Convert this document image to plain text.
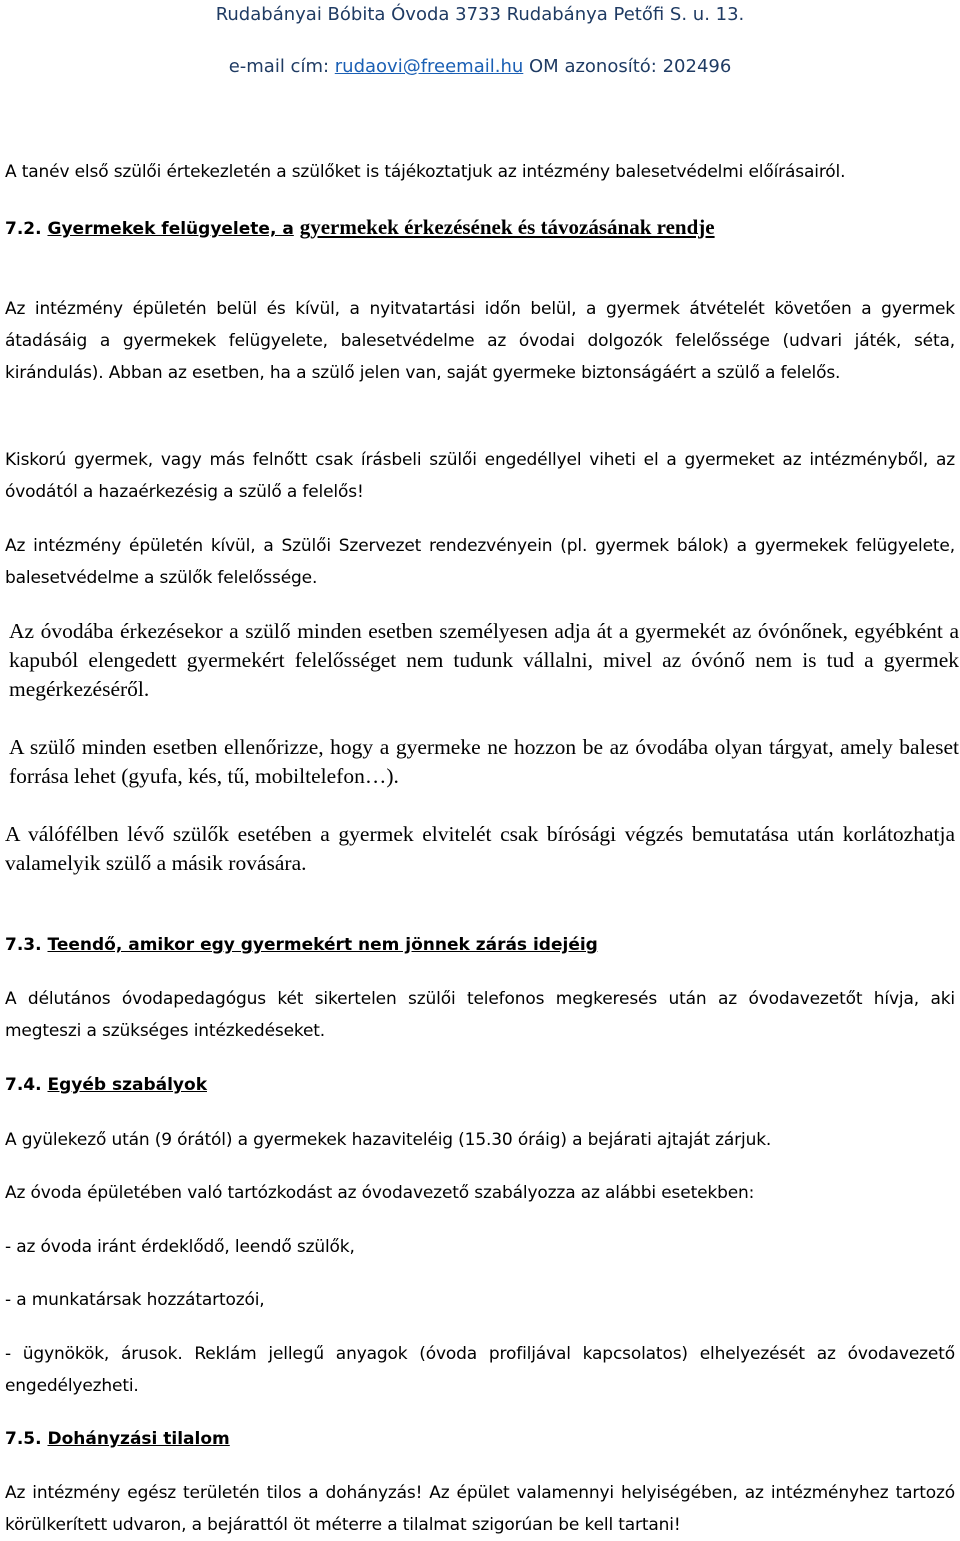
Rudabányai Bóbita Óvoda 3733 Rudabánya Petőfi S. u. 13.
e-mail cím: rudaovi@freemail.hu OM azonosító: 202496
A tanév első szülői értekezletén a szülőket is tájékoztatjuk az intézmény balesetvédelmi előírásairól.
7.2. Gyermekek felügyelete, a gyermekek érkezésének és távozásának rendje
Az intézmény épületén belül és kívül, a nyitvatartási időn belül, a gyermek átvételét követően a gyermek átadásáig a gyermekek felügyelete, balesetvédelme az óvodai dolgozók felelőssége (udvari játék, séta, kirándulás). Abban az esetben, ha a szülő jelen van, saját gyermeke biztonságáért a szülő a felelős.
Kiskorú gyermek, vagy más felnőtt csak írásbeli szülői engedéllyel viheti el a gyermeket az intézményből, az óvodától a hazaérkezésig a szülő a felelős!
Az intézmény épületén kívül, a Szülői Szervezet rendezvényein (pl. gyermek bálok) a gyermekek felügyelete, balesetvédelme a szülők felelőssége.
Az óvodába érkezésekor a szülő minden esetben személyesen adja át a gyermekét az óvónőnek, egyébként a kapuból elengedett gyermekért felelősséget nem tudunk vállalni, mivel az óvónő nem is tud a gyermek megérkezéséről.
A szülő minden esetben ellenőrizze, hogy a gyermeke ne hozzon be az óvodába olyan tárgyat, amely baleset forrása lehet (gyufa, kés, tű, mobiltelefon…).
A válófélben lévő szülők esetében a gyermek elvitelét csak bírósági végzés bemutatása után korlátozhatja valamelyik szülő a másik rovására.
7.3. Teendő, amikor egy gyermekért nem jönnek zárás idejéig
A délutános óvodapedagógus két sikertelen szülői telefonos megkeresés után az óvodavezetőt hívja, aki megteszi a szükséges intézkedéseket.
7.4. Egyéb szabályok
A gyülekező után (9 órától) a gyermekek hazaviteléig (15.30 óráig) a bejárati ajtaját zárjuk.
Az óvoda épületében való tartózkodást az óvodavezető szabályozza az alábbi esetekben:
- az óvoda iránt érdeklődő, leendő szülők,
- a munkatársak hozzátartozói,
- ügynökök, árusok. Reklám jellegű anyagok (óvoda profiljával kapcsolatos) elhelyezését az óvodavezető engedélyezheti.
7.5. Dohányzási tilalom
Az intézmény egész területén tilos a dohányzás! Az épület valamennyi helyiségében, az intézményhez tartozó körülkerített udvaron, a bejárattól öt méterre a tilalmat szigorúan be kell tartani!
